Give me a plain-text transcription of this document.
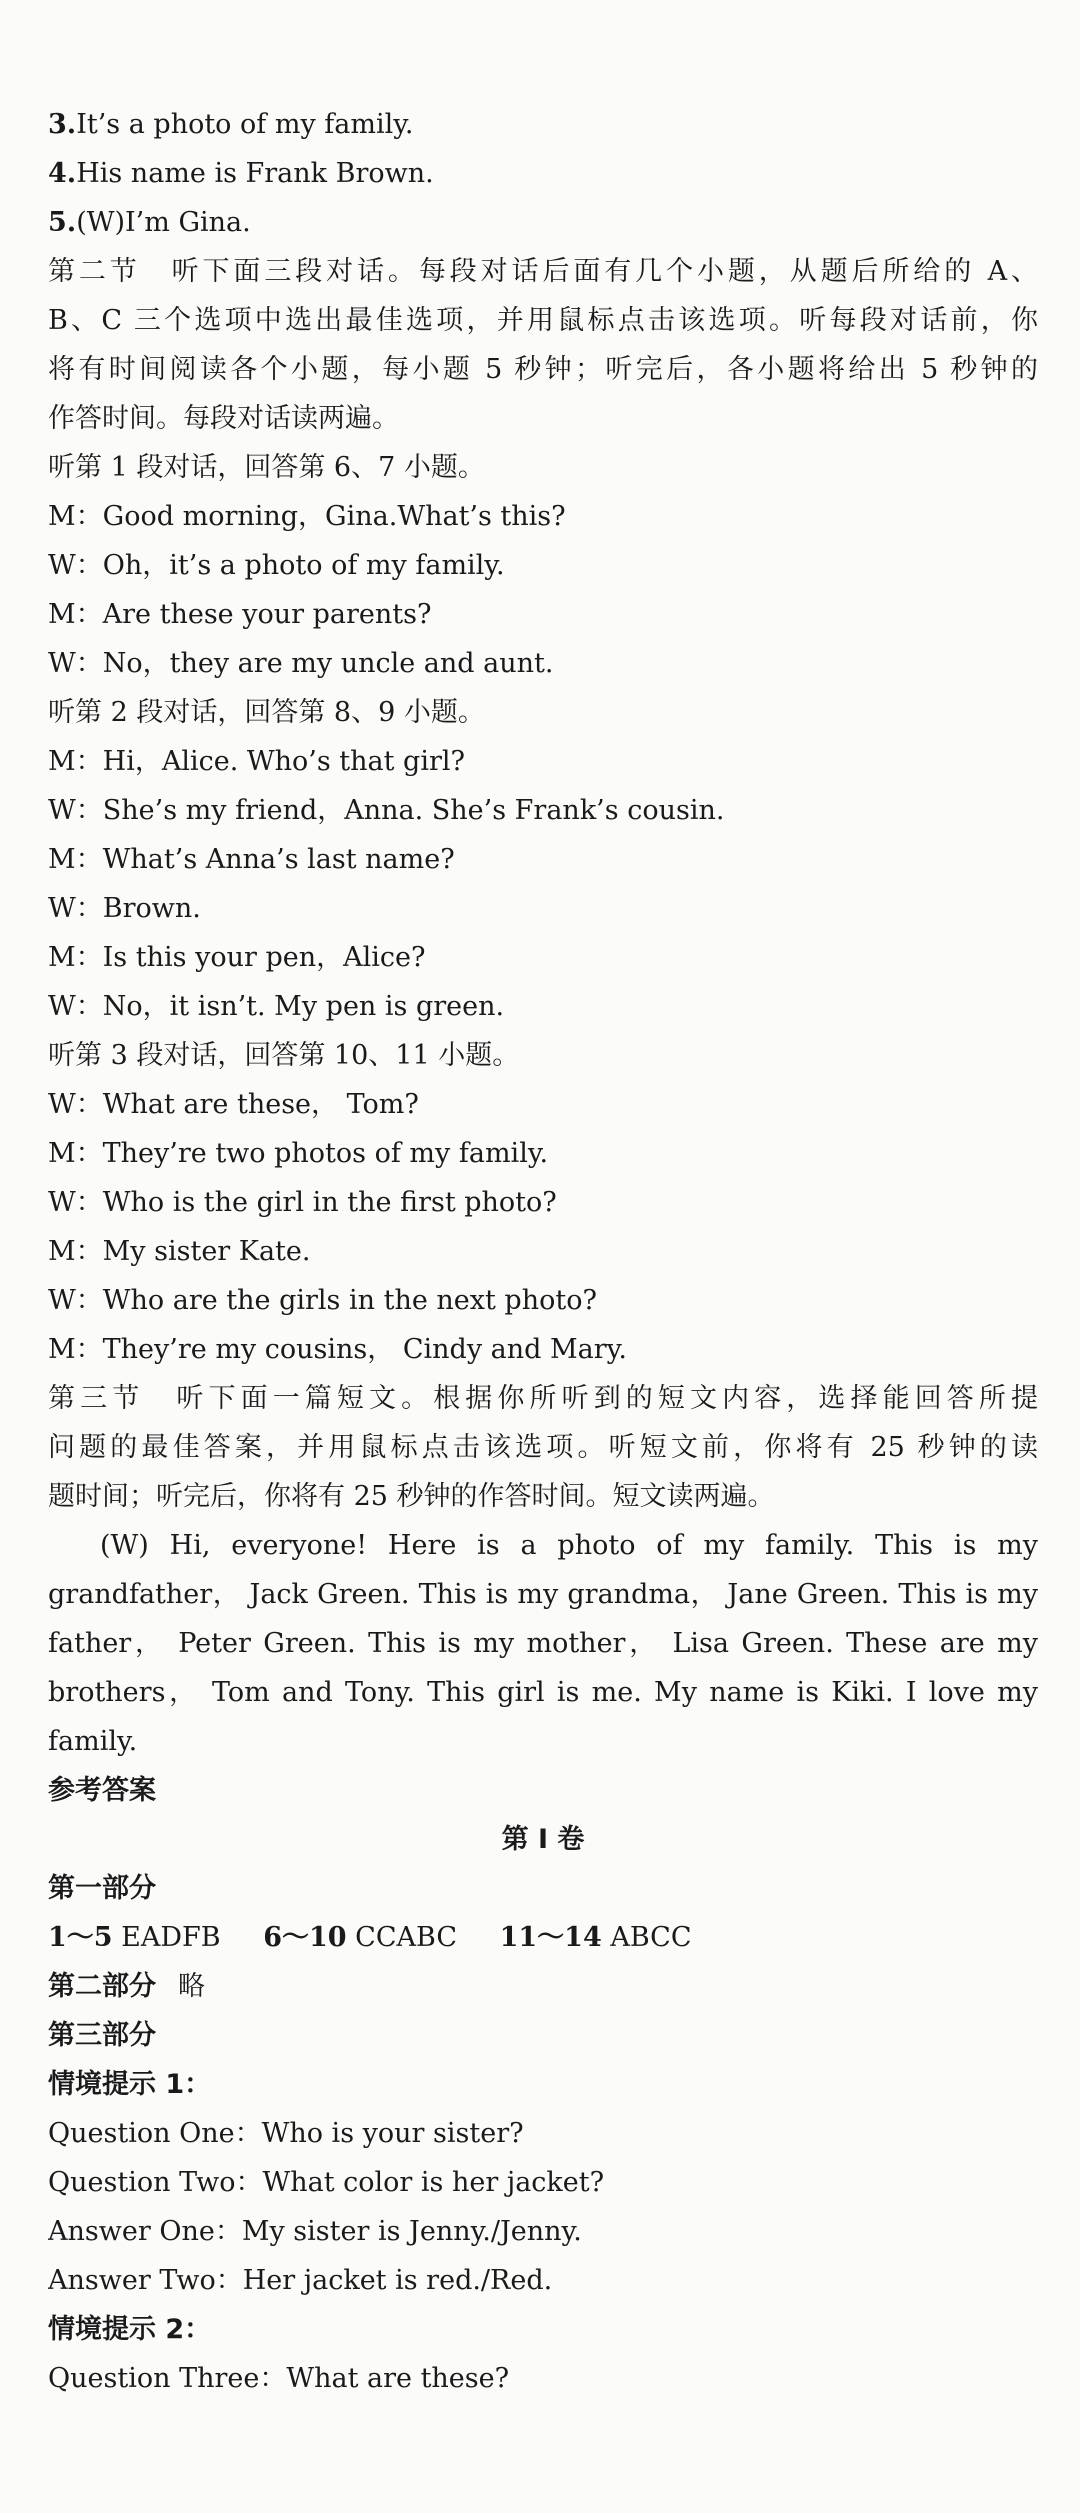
3.It’s a photo of my family.
4.His name is Frank Brown.
5.(W)I’m Gina.
第二节　听下面三段对话。每段对话后面有几个小题，从题后所给的 A、
B、C 三个选项中选出最佳选项，并用鼠标点击该选项。听每段对话前，你
将有时间阅读各个小题，每小题 5 秒钟；听完后，各小题将给出 5 秒钟的
作答时间。每段对话读两遍。
听第 1 段对话，回答第 6、7 小题。
M：Good morning，Gina.What’s this?
W：Oh，it’s a photo of my family.
M：Are these your parents?
W：No，they are my uncle and aunt.
听第 2 段对话，回答第 8、9 小题。
M：Hi，Alice. Who’s that girl?
W：She’s my friend，Anna. She’s Frank’s cousin.
M：What’s Anna’s last name?
W：Brown.
M：Is this your pen，Alice?
W：No，it isn’t. My pen is green.
听第 3 段对话，回答第 10、11 小题。
W：What are these， Tom?
M：They’re two photos of my family.
W：Who is the girl in the first photo?
M：My sister Kate.
W：Who are the girls in the next photo?
M：They’re my cousins， Cindy and Mary.
第三节　听下面一篇短文。根据你所听到的短文内容，选择能回答所提
问题的最佳答案，并用鼠标点击该选项。听短文前，你将有 25 秒钟的读
题时间；听完后，你将有 25 秒钟的作答时间。短文读两遍。
(W) Hi, everyone! Here is a photo of my family. This is my
grandfather， Jack Green. This is my grandma， Jane Green. This is my
father， Peter Green. This is my mother， Lisa Green. These are my
brothers， Tom and Tony. This girl is me. My name is Kiki. I love my
family.
参考答案
第 I 卷
第一部分
1～5 EADFB 6～10 CCABC 11～14 ABCC
第二部分 略
第三部分
情境提示 1：
Question One：Who is your sister?
Question Two：What color is her jacket?
Answer One：My sister is Jenny./Jenny.
Answer Two：Her jacket is red./Red.
情境提示 2：
Question Three：What are these?
